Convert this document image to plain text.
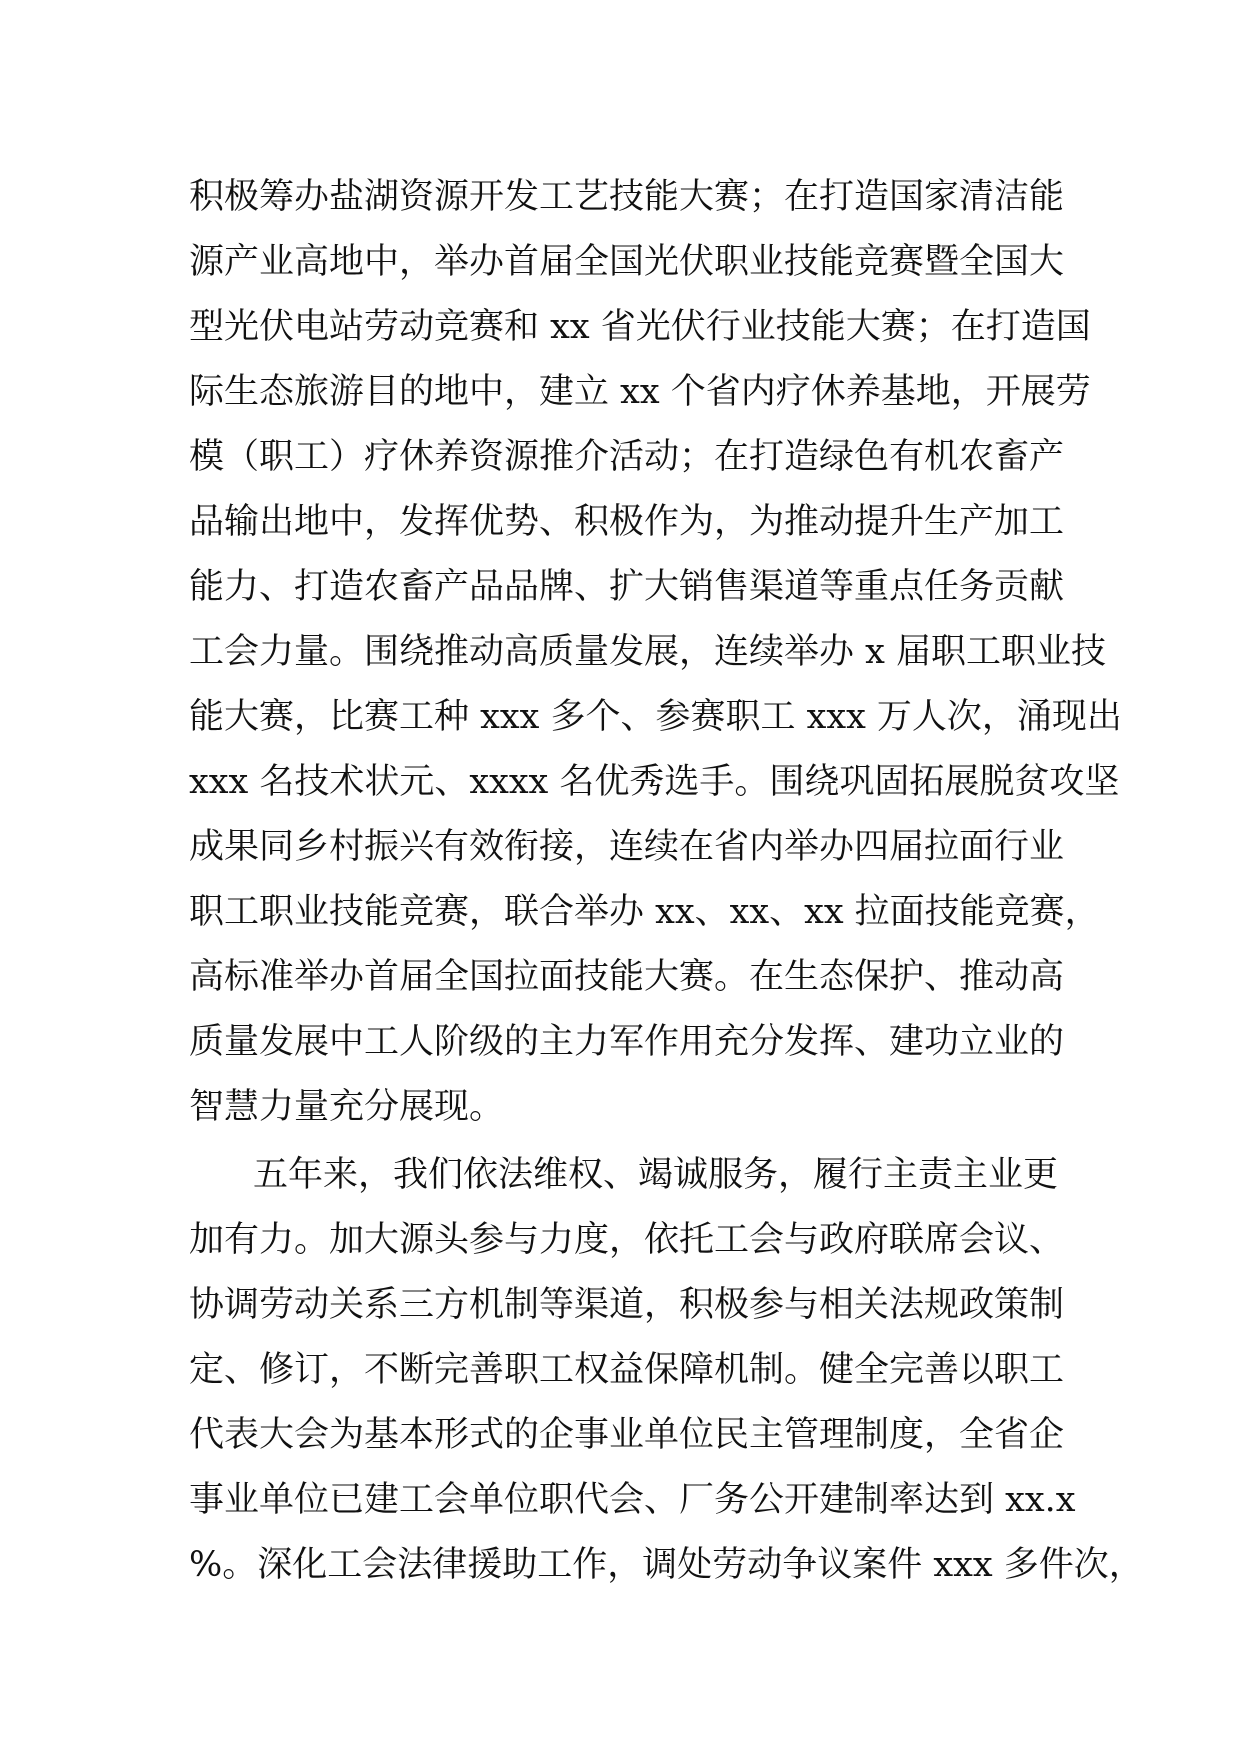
积极筹办盐湖资源开发工艺技能大赛；在打造国家清洁能
源产业高地中，举办首届全国光伏职业技能竞赛暨全国大
型光伏电站劳动竞赛和 xx 省光伏行业技能大赛；在打造国
际生态旅游目的地中，建立 xx 个省内疗休养基地，开展劳
模（职工）疗休养资源推介活动；在打造绿色有机农畜产
品输出地中，发挥优势、积极作为，为推动提升生产加工
能力、打造农畜产品品牌、扩大销售渠道等重点任务贡献
工会力量。围绕推动高质量发展，连续举办 x 届职工职业技
能大赛，比赛工种 xxx 多个、参赛职工 xxx 万人次，涌现出
xxx 名技术状元、xxxx 名优秀选手。围绕巩固拓展脱贫攻坚
成果同乡村振兴有效衔接，连续在省内举办四届拉面行业
职工职业技能竞赛，联合举办 xx、xx、xx 拉面技能竞赛，
高标准举办首届全国拉面技能大赛。在生态保护、推动高
质量发展中工人阶级的主力军作用充分发挥、建功立业的
智慧力量充分展现。
五年来，我们依法维权、竭诚服务，履行主责主业更
加有力。加大源头参与力度，依托工会与政府联席会议、
协调劳动关系三方机制等渠道，积极参与相关法规政策制
定、修订，不断完善职工权益保障机制。健全完善以职工
代表大会为基本形式的企事业单位民主管理制度，全省企
事业单位已建工会单位职代会、厂务公开建制率达到 xx.x
%。深化工会法律援助工作，调处劳动争议案件 xxx 多件次，
